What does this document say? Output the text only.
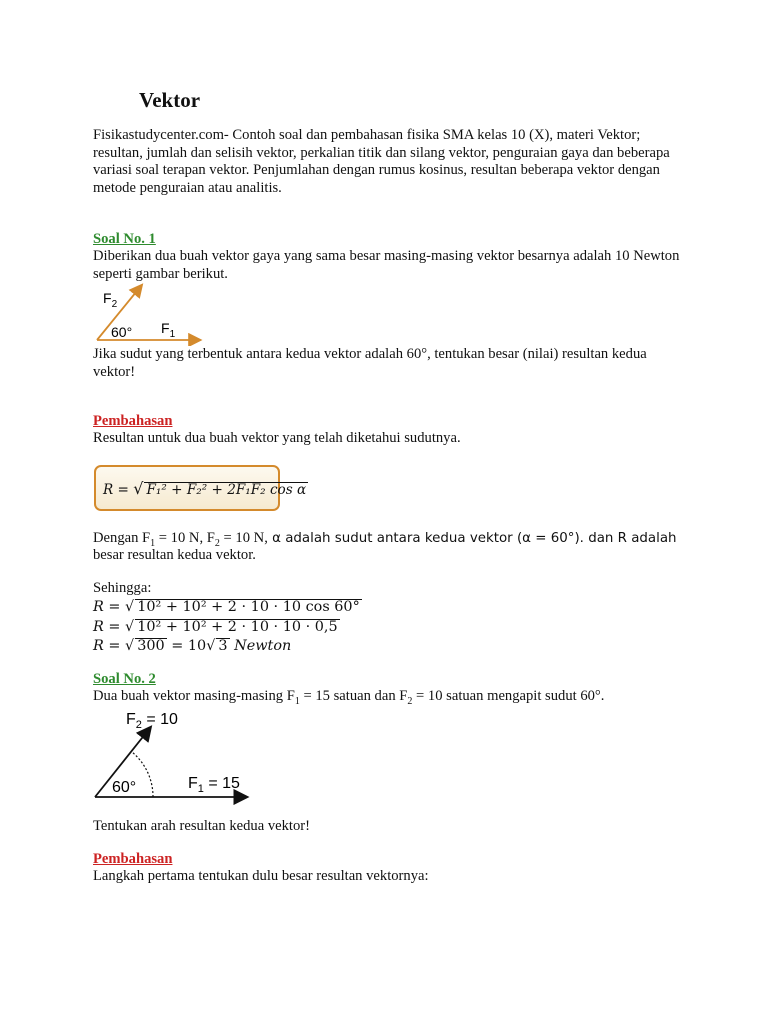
Vektor
Fisikastudycenter.com- Contoh soal dan pembahasan fisika SMA kelas 10 (X), materi Vektor; resultan, jumlah dan selisih vektor, perkalian titik dan silang vektor, penguraian gaya dan beberapa variasi soal terapan vektor. Penjumlahan dengan rumus kosinus, resultan beberapa vektor dengan metode penguraian atau analitis.
Soal No. 1
Diberikan dua buah vektor gaya yang sama besar masing-masing vektor besarnya adalah 10 Newton seperti gambar berikut.
$F_2$
60° $F_1$
Jika sudut yang terbentuk antara kedua vektor adalah 60°, tentukan besar (nilai) resultan kedua vektor!
Pembahasan
Resultan untuk dua buah vektor yang telah diketahui sudutnya.
R = √ F₁² + F₂² + 2F₁F₂ cos α
Dengan $F_1 = 10$ N, $F_2 = 10$ N, α adalah sudut antara kedua vektor (α = 60°). dan R adalah
besar resultan kedua vektor.
Sehingga:
R = √ 10² + 10² + 2 · 10 · 10 cos 60°
R = √ 10² + 10² + 2 · 10 · 10 · 0,5
R = √ 300 = 10√ 3 Newton
Soal No. 2
Dua buah vektor masing-masing $F_1 = 15$ satuan dan $F_2 = 10$ satuan mengapit sudut 60°.
$F_2 = 10$
60°	$F_1 = 15$
Tentukan arah resultan kedua vektor!
Pembahasan
Langkah pertama tentukan dulu besar resultan vektornya:
